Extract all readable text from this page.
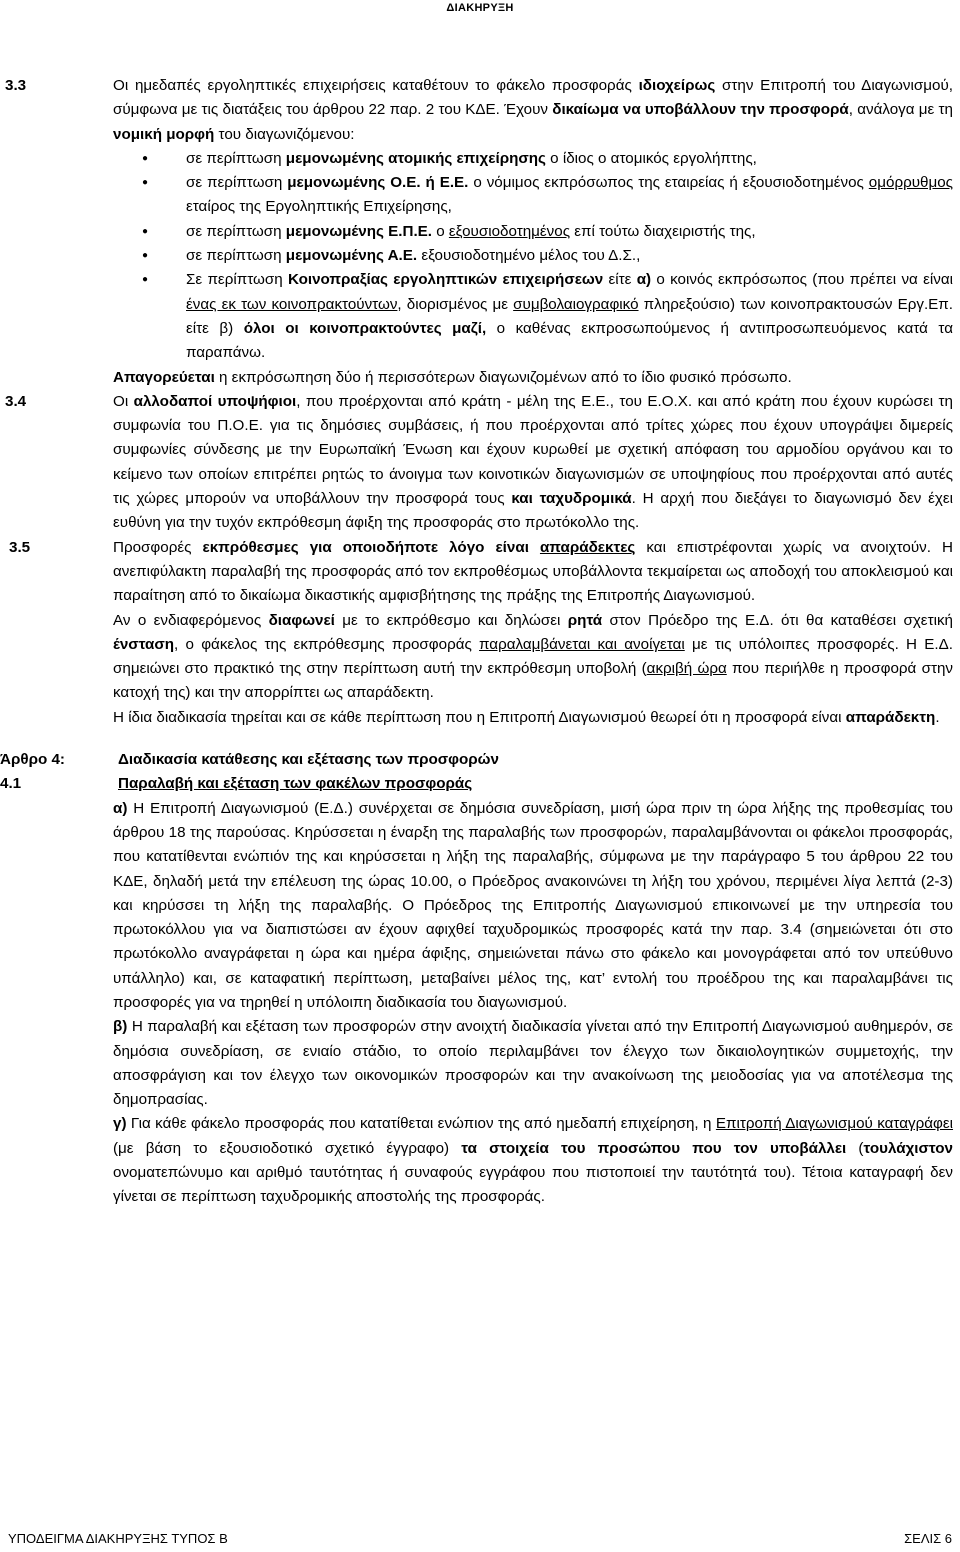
ΔΙΑΚΗΡΥΞΗ
3.3	Οι ημεδαπές εργοληπτικές επιχειρήσεις καταθέτουν το φάκελο προσφοράς ιδιοχείρως στην Επιτροπή του Διαγωνισμού, σύμφωνα με τις διατάξεις του άρθρου 22 παρ. 2 του ΚΔΕ. Έχουν δικαίωμα να υποβάλλουν την προσφορά, ανάλογα με τη νομική μορφή του διαγωνιζόμενου:

● σε περίπτωση μεμονωμένης ατομικής επιχείρησης ο ίδιος ο ατομικός εργολήπτης,
● σε περίπτωση μεμονωμένης Ο.Ε. ή Ε.Ε. ο νόμιμος εκπρόσωπος της εταιρείας ή εξουσιοδοτημένος ομόρρυθμος εταίρος της Εργοληπτικής Επιχείρησης,
● σε περίπτωση μεμονωμένης Ε.Π.Ε. ο εξουσιοδοτημένος επί τούτω διαχειριστής της,
● σε περίπτωση μεμονωμένης Α.Ε. εξουσιοδοτημένο μέλος του Δ.Σ.,
● Σε περίπτωση Κοινοπραξίας εργοληπτικών επιχειρήσεων είτε α) ο κοινός εκπρόσωπος (που πρέπει να είναι ένας εκ των κοινοπρακτούντων, διορισμένος με συμβολαιογραφικό πληρεξούσιο) των κοινοπρακτουσών Εργ.Επ. είτε β) όλοι οι κοινοπρακτούντες μαζί, ο καθένας εκπροσωπούμενος ή αντιπροσωπευόμενος κατά τα παραπάνω.

Απαγορεύεται η εκπρόσωπηση δύο ή περισσότερων διαγωνιζομένων από το ίδιο φυσικό πρόσωπο.

3.4	Οι αλλοδαποί υποψήφιοι, που προέρχονται από κράτη - μέλη της Ε.Ε., του Ε.Ο.Χ. και από κράτη που έχουν κυρώσει τη συμφωνία του Π.Ο.Ε. για τις δημόσιες συμβάσεις, ή που προέρχονται από τρίτες χώρες που έχουν υπογράψει διμερείς συμφωνίες σύνδεσης με την Ευρωπαϊκή Ένωση και έχουν κυρωθεί με σχετική απόφαση του αρμοδίου οργάνου και το κείμενο των οποίων επιτρέπει ρητώς το άνοιγμα των κοινοτικών διαγωνισμών σε υποψηφίους που προέρχονται από αυτές τις χώρες μπορούν να υποβάλλουν την προσφορά τους και ταχυδρομικά. Η αρχή που διεξάγει το διαγωνισμό δεν έχει ευθύνη για την τυχόν εκπρόθεσμη άφιξη της προσφοράς στο πρωτόκολλο της.

3.5	Προσφορές εκπρόθεσμες για οποιοδήποτε λόγο είναι απαράδεκτες και επιστρέφονται χωρίς να ανοιχτούν. Η ανεπιφύλακτη παραλαβή της προσφοράς από τον εκπροθέσμως υποβάλλοντα τεκμαίρεται ως αποδοχή του αποκλεισμού και παραίτηση από το δικαίωμα δικαστικής αμφισβήτησης της πράξης της Επιτροπής Διαγωνισμού.

Αν ο ενδιαφερόμενος διαφωνεί με το εκπρόθεσμο και δηλώσει ρητά στον Πρόεδρο της Ε.Δ. ότι θα καταθέσει σχετική ένσταση, ο φάκελος της εκπρόθεσμης προσφοράς παραλαμβάνεται και ανοίγεται με τις υπόλοιπες προσφορές. Η Ε.Δ. σημειώνει στο πρακτικό της στην περίπτωση αυτή την εκπρόθεσμη υποβολή (ακριβή ώρα που περιήλθε η προσφορά στην κατοχή της) και την απορρίπτει ως απαράδεκτη.

Η ίδια διαδικασία τηρείται και σε κάθε περίπτωση που η Επιτροπή Διαγωνισμού θεωρεί ότι η προσφορά είναι απαράδεκτη.

Άρθρο 4:	Διαδικασία κατάθεσης και εξέτασης των προσφορών
4.1	Παραλαβή και εξέταση των φακέλων προσφοράς

α) Η Επιτροπή Διαγωνισμού (Ε.Δ.) συνέρχεται σε δημόσια συνεδρίαση, μισή ώρα πριν τη ώρα λήξης της προθεσμίας του άρθρου 18 της παρούσας. Κηρύσσεται η έναρξη της παραλαβής των προσφορών, παραλαμβάνονται οι φάκελοι προσφοράς, που κατατίθενται ενώπιόν της και κηρύσσεται η λήξη της παραλαβής, σύμφωνα με την παράγραφο 5 του άρθρου 22 του ΚΔΕ, δηλαδή μετά την επέλευση της ώρας 10.00, ο Πρόεδρος ανακοινώνει τη λήξη του χρόνου, περιμένει λίγα λεπτά (2-3) και κηρύσσει τη λήξη της παραλαβής. Ο Πρόεδρος της Επιτροπής Διαγωνισμού επικοινωνεί με την υπηρεσία του πρωτοκόλλου για να διαπιστώσει αν έχουν αφιχθεί ταχυδρομικώς προσφορές κατά την παρ. 3.4 (σημειώνεται ότι στο πρωτόκολλο αναγράφεται η ώρα και ημέρα άφιξης, σημειώνεται πάνω στο φάκελο και μονογράφεται από τον υπεύθυνο υπάλληλο) και, σε καταφατική περίπτωση, μεταβαίνει μέλος της, κατ’ εντολή του προέδρου της και παραλαμβάνει τις προσφορές για να τηρηθεί η υπόλοιπη διαδικασία του διαγωνισμού.

β) Η παραλαβή και εξέταση των προσφορών στην ανοιχτή διαδικασία γίνεται από την Επιτροπή Διαγωνισμού αυθημερόν, σε δημόσια συνεδρίαση, σε ενιαίο στάδιο, το οποίο περιλαμβάνει τον έλεγχο των δικαιολογητικών συμμετοχής, την αποσφράγιση και τον έλεγχο των οικονομικών προσφορών και την ανακοίνωση της μειοδοσίας για να αποτέλεσμα της δημοπρασίας.

γ) Για κάθε φάκελο προσφοράς που κατατίθεται ενώπιον της από ημεδαπή επιχείρηση, η Επιτροπή Διαγωνισμού καταγράφει (με βάση το εξουσιοδοτικό σχετικό έγγραφο) τα στοιχεία του προσώπου που τον υποβάλλει (τουλάχιστον ονοματεπώνυμο και αριθμό ταυτότητας ή συναφούς εγγράφου που πιστοποιεί την ταυτότητά του). Τέτοια καταγραφή δεν γίνεται σε περίπτωση ταχυδρομικής αποστολής της προσφοράς.

ΥΠΟΔΕΙΓΜΑ ΔΙΑΚΗΡΥΞΗΣ ΤΥΠΟΣ Β	ΣΕΛΙΣ 6
